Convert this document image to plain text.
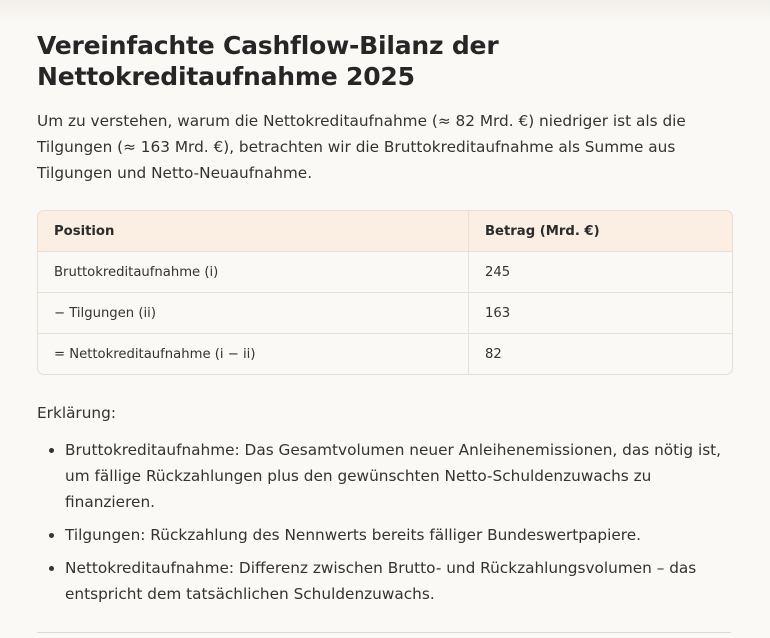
Vereinfachte Cashflow-Bilanz der Nettokreditaufnahme 2025

Um zu verstehen, warum die Nettokreditaufnahme (≈ 82 Mrd. €) niedriger ist als die Tilgungen (≈ 163 Mrd. €), betrachten wir die Bruttokreditaufnahme als Summe aus Tilgungen und Netto-Neuaufnahme.

Position	Betrag (Mrd. €)
Bruttokreditaufnahme (i)	245
− Tilgungen (ii)	163
= Nettokreditaufnahme (i − ii)	82

Erklärung:

• Bruttokreditaufnahme: Das Gesamtvolumen neuer Anleihenemissionen, das nötig ist, um fällige Rückzahlungen plus den gewünschten Netto-Schuldenzuwachs zu finanzieren.
• Tilgungen: Rückzahlung des Nennwerts bereits fälliger Bundeswertpapiere.
• Nettokreditaufnahme: Differenz zwischen Brutto- und Rückzahlungsvolumen – das entspricht dem tatsächlichen Schuldenzuwachs.
